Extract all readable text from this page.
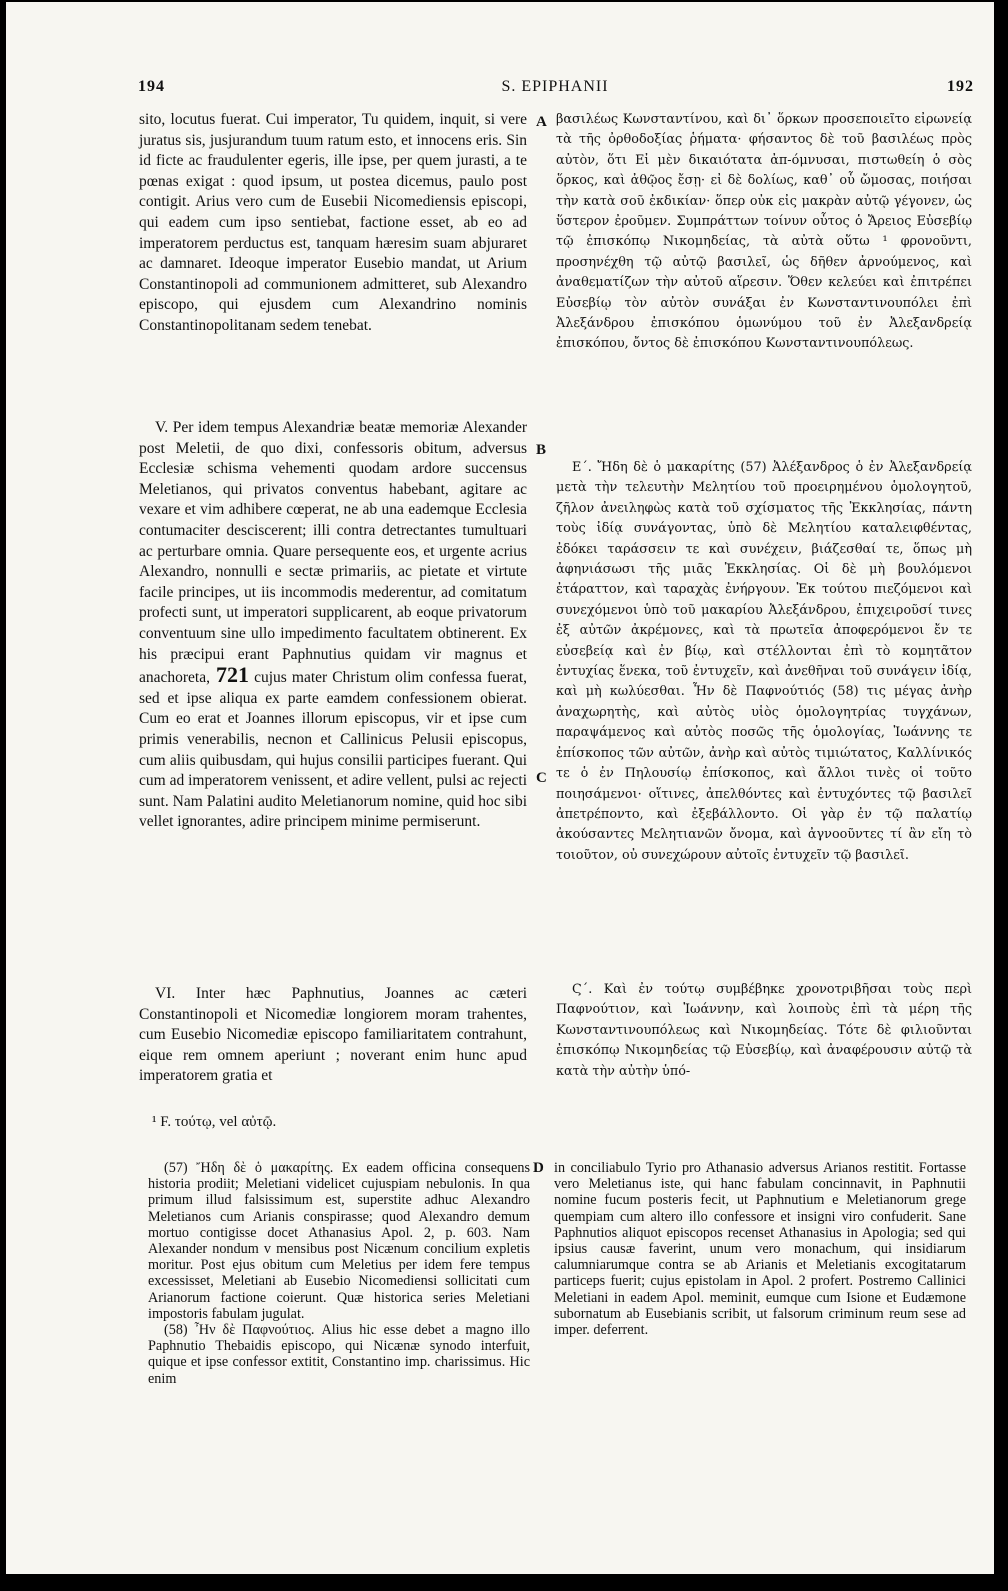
194	S. EPIPHANII	192

sito, locutus fuerat. Cui imperator, Tu quidem, inquit, si vere juratus sis, jusjurandum tuum ratum esto, et innocens eris. Sin id ficte ac fraudulenter egeris, ille ipse, per quem jurasti, a te pœnas exigat : quod ipsum, ut postea dicemus, paulo post contigit. Arius vero cum de Eusebii Nicomediensis episcopi, qui eadem cum ipso sentiebat, factione esset, ab eo ad imperatorem perductus est, tanquam hæresim suam abjuraret ac damnaret. Ideoque imperator Eusebio mandat, ut Arium Constantinopoli ad communionem admitteret, sub Alexandro episcopo, qui ejusdem cum Alexandrino nominis Constantinopolitanam sedem tenebat.

V. Per idem tempus Alexandriæ beatæ memoriæ Alexander post Meletii, de quo dixi, confessoris obitum, adversus Ecclesiæ schisma vehementi quodam ardore succensus Meletianos, qui privatos conventus habebant, agitare ac vexare et vim adhibere cœperat, ne ab una eademque Ecclesia contumaciter desciscerent; illi contra detrectantes tumultuari ac perturbare omnia. Quare persequente eos, et urgente acrius Alexandro, nonnulli e sectæ primariis, ac pietate et virtute facile principes, ut iis incommodis mederentur, ad comitatum profecti sunt, ut imperatori supplicarent, ab eoque privatorum conventuum sine ullo impedimento facultatem obtinerent. Ex his præcipui erant Paphnutius quidam vir magnus et anachoreta, 721 cujus mater Christum olim confessa fuerat, sed et ipse aliqua ex parte eamdem confessionem obierat. Cum eo erat et Joannes illorum episcopus, vir et ipse cum primis venerabilis, necnon et Callinicus Pelusii episcopus, cum aliis quibusdam, qui hujus consilii participes fuerant. Qui cum ad imperatorem venissent, et adire vellent, pulsi ac rejecti sunt. Nam Palatini audito Meletianorum nomine, quid hoc sibi vellet ignorantes, adire principem minime permiserunt.

VI. Inter hæc Paphnutius, Joannes ac cæteri Constantinopoli et Nicomediæ longiorem moram trahentes, cum Eusebio Nicomediæ episcopo familiaritatem contrahunt, eique rem omnem aperiunt ; noverant enim hunc apud imperatorem gratia et

A
B
C
D

βασιλέως Κωνσταντίνου, καὶ δι᾽ ὅρκων προσεποιεῖτο εἰρωνείᾳ τὰ τῆς ὀρθοδοξίας ῥήματα· φήσαντος δὲ τοῦ βασιλέως πρὸς αὐτὸν, ὅτι Εἰ μὲν δικαιότατα ἀπ-όμνυσαι, πιστωθείη ὁ σὸς ὅρκος, καὶ ἀθῷος ἔσῃ· εἰ δὲ δολίως, καθ᾽ οὗ ὤμοσας, ποιήσαι τὴν κατὰ σοῦ ἐκδικίαν· ὅπερ οὐκ εἰς μακρὰν αὐτῷ γέγονεν, ὡς ὕστερον ἐροῦμεν. Συμπράττων τοίνυν οὗτος ὁ Ἄρειος Εὐσεβίῳ τῷ ἐπισκόπῳ Νικομηδείας, τὰ αὐτὰ οὕτω ¹ φρονοῦντι, προσηνέχθη τῷ αὐτῷ βασιλεῖ, ὡς δῆθεν ἀρνούμενος, καὶ ἀναθεματίζων τὴν αὐτοῦ αἵρεσιν. Ὅθεν κελεύει καὶ ἐπιτρέπει Εὐσεβίῳ τὸν αὐτὸν συνάξαι ἐν Κωνσταντινουπόλει ἐπὶ Ἀλεξάνδρου ἐπισκόπου ὁμωνύμου τοῦ ἐν Ἀλεξανδρείᾳ ἐπισκόπου, ὄντος δὲ ἐπισκόπου Κωνσταντινουπόλεως.

Ε΄. Ἤδη δὲ ὁ μακαρίτης (57) Ἀλέξανδρος ὁ ἐν Ἀλεξανδρείᾳ μετὰ τὴν τελευτὴν Μελητίου τοῦ προειρημένου ὁμολογητοῦ, ζῆλον ἀνειληφὼς κατὰ τοῦ σχίσματος τῆς Ἐκκλησίας, πάντη τοὺς ἰδίᾳ συνάγοντας, ὑπὸ δὲ Μελητίου καταλειφθέντας, ἐδόκει ταράσσειν τε καὶ συνέχειν, βιάζεσθαί τε, ὅπως μὴ ἀφηνιάσωσι τῆς μιᾶς Ἐκκλησίας. Οἱ δὲ μὴ βουλόμενοι ἐτάραττον, καὶ ταραχὰς ἐνήργουν. Ἐκ τούτου πιεζόμενοι καὶ συνεχόμενοι ὑπὸ τοῦ μακαρίου Ἀλεξάνδρου, ἐπιχειροῦσί τινες ἐξ αὐτῶν ἀκρέμονες, καὶ τὰ πρωτεῖα ἀποφερόμενοι ἔν τε εὐσεβείᾳ καὶ ἐν βίῳ, καὶ στέλλονται ἐπὶ τὸ κομητᾶτον ἐντυχίας ἕνεκα, τοῦ ἐντυχεῖν, καὶ ἀνεθῆναι τοῦ συνάγειν ἰδίᾳ, καὶ μὴ κωλύεσθαι. Ἦν δὲ Παφνούτιός (58) τις μέγας ἀνὴρ ἀναχωρητὴς, καὶ αὐτὸς υἱὸς ὁμολογητρίας τυγχάνων, παραψάμενος καὶ αὐτὸς ποσῶς τῆς ὁμολογίας, Ἰωάννης τε ἐπίσκοπος τῶν αὐτῶν, ἀνὴρ καὶ αὐτὸς τιμιώτατος, Καλλίνικός τε ὁ ἐν Πηλουσίῳ ἐπίσκοπος, καὶ ἄλλοι τινὲς οἱ τοῦτο ποιησάμενοι· οἵτινες, ἀπελθόντες καὶ ἐντυχόντες τῷ βασιλεῖ ἀπετρέποντο, καὶ ἐξεβάλλοντο. Οἱ γὰρ ἐν τῷ παλατίῳ ἀκούσαντες Μελητιανῶν ὄνομα, καὶ ἀγνοοῦντες τί ἂν εἴη τὸ τοιοῦτον, οὐ συνεχώρουν αὐτοῖς ἐντυχεῖν τῷ βασιλεῖ.

Ϛ΄. Καὶ ἐν τούτῳ συμβέβηκε χρονοτριβῆσαι τοὺς περὶ Παφνούτιον, καὶ Ἰωάννην, καὶ λοιποὺς ἐπὶ τὰ μέρη τῆς Κωνσταντινουπόλεως καὶ Νικομηδείας. Τότε δὲ φιλιοῦνται ἐπισκόπῳ Νικομηδείας τῷ Εὐσεβίῳ, καὶ ἀναφέρουσιν αὐτῷ τὰ κατὰ τὴν αὐτὴν ὑπό-

¹ F. τούτῳ, vel αὐτῷ.

(57) Ἤδη δὲ ὁ μακαρίτης. Ex eadem officina consequens historia prodiit; Meletiani videlicet cujuspiam nebulonis. In qua primum illud falsissimum est, superstite adhuc Alexandro Meletianos cum Arianis conspirasse; quod Alexandro demum mortuo contigisse docet Athanasius Apol. 2, p. 603. Nam Alexander nondum v mensibus post Nicænum concilium expletis moritur. Post ejus obitum cum Meletius per idem fere tempus excessisset, Meletiani ab Eusebio Nicomediensi sollicitati cum Arianorum factione coierunt. Quæ historica series Meletiani impostoris fabulam jugulat.

(58) Ἦν δὲ Παφνούτιος. Alius hic esse debet a magno illo Paphnutio Thebaidis episcopo, qui Nicænæ synodo interfuit, quique et ipse confessor extitit, Constantino imp. charissimus. Hic enim

in conciliabulo Tyrio pro Athanasio adversus Arianos restitit. Fortasse vero Meletianus iste, qui hanc fabulam concinnavit, in Paphnutii nomine fucum posteris fecit, ut Paphnutium e Meletianorum grege quempiam cum altero illo confessore et insigni viro confuderit. Sane Paphnutios aliquot episcopos recenset Athanasius in Apologia; sed qui ipsius causæ faverint, unum vero monachum, qui insidiarum calumniarumque contra se ab Arianis et Meletianis excogitatarum particeps fuerit; cujus epistolam in Apol. 2 profert. Postremo Callinici Meletiani in eadem Apol. meminit, eumque cum Isione et Eudæmone subornatum ab Eusebianis scribit, ut falsorum criminum reum sese ad imper. deferrent.
